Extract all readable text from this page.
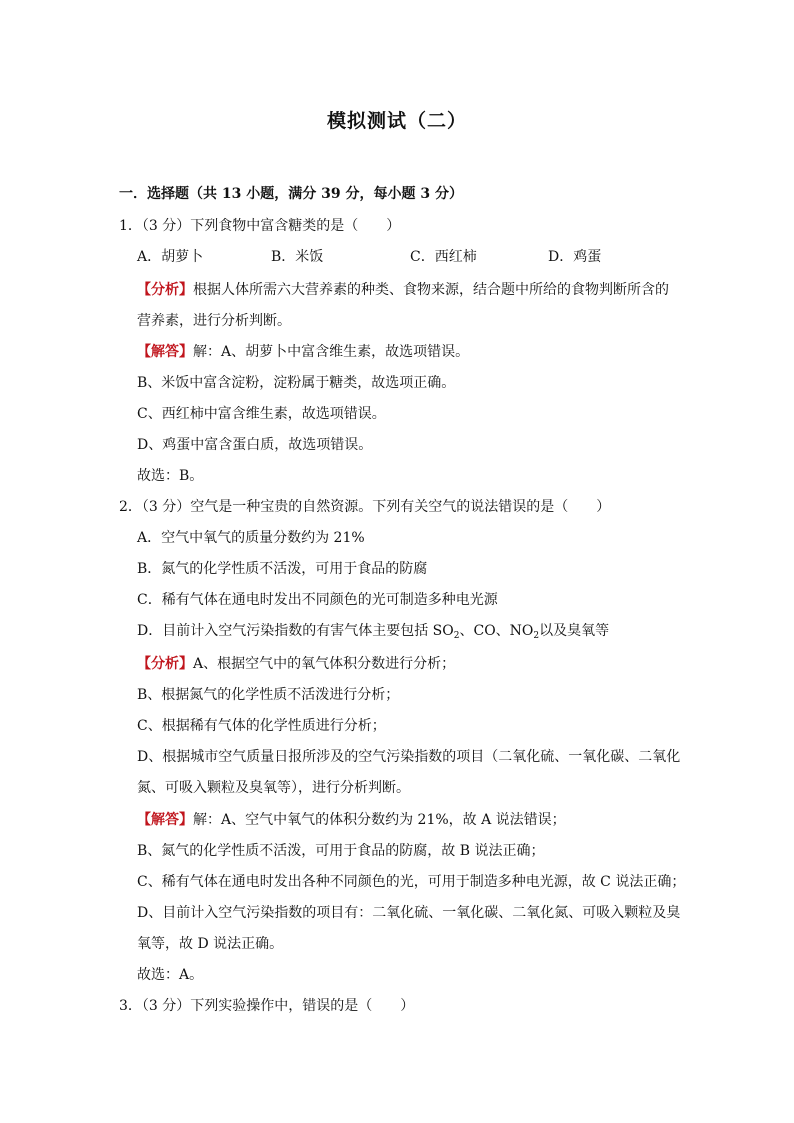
模拟测试（二）
一．选择题（共 13 小题，满分 39 分，每小题 3 分）
1．（3 分）下列食物中富含糖类的是（ ）
A．胡萝卜	B．米饭	C．西红柿	D．鸡蛋
【分析】根据人体所需六大营养素的种类、食物来源，结合题中所给的食物判断所含的
营养素，进行分析判断。
【解答】解：A、胡萝卜中富含维生素，故选项错误。
B、米饭中富含淀粉，淀粉属于糖类，故选项正确。
C、西红柿中富含维生素，故选项错误。
D、鸡蛋中富含蛋白质，故选项错误。
故选：B。
2．（3 分）空气是一种宝贵的自然资源。下列有关空气的说法错误的是（ ）
A．空气中氧气的质量分数约为 21%
B．氮气的化学性质不活泼，可用于食品的防腐
C．稀有气体在通电时发出不同颜色的光可制造多种电光源
D．目前计入空气污染指数的有害气体主要包括 $SO_2$、CO、$NO_2$以及臭氧等
【分析】A、根据空气中的氧气体积分数进行分析；
B、根据氮气的化学性质不活泼进行分析；
C、根据稀有气体的化学性质进行分析；
D、根据城市空气质量日报所涉及的空气污染指数的项目（二氧化硫、一氧化碳、二氧化
氮、可吸入颗粒及臭氧等），进行分析判断。
【解答】解：A、空气中氧气的体积分数约为 21%，故 A 说法错误；
B、氮气的化学性质不活泼，可用于食品的防腐，故 B 说法正确；
C、稀有气体在通电时发出各种不同颜色的光，可用于制造多种电光源，故 C 说法正确；
D、目前计入空气污染指数的项目有：二氧化硫、一氧化碳、二氧化氮、可吸入颗粒及臭
氧等，故 D 说法正确。
故选：A。
3．（3 分）下列实验操作中，错误的是（ ）
